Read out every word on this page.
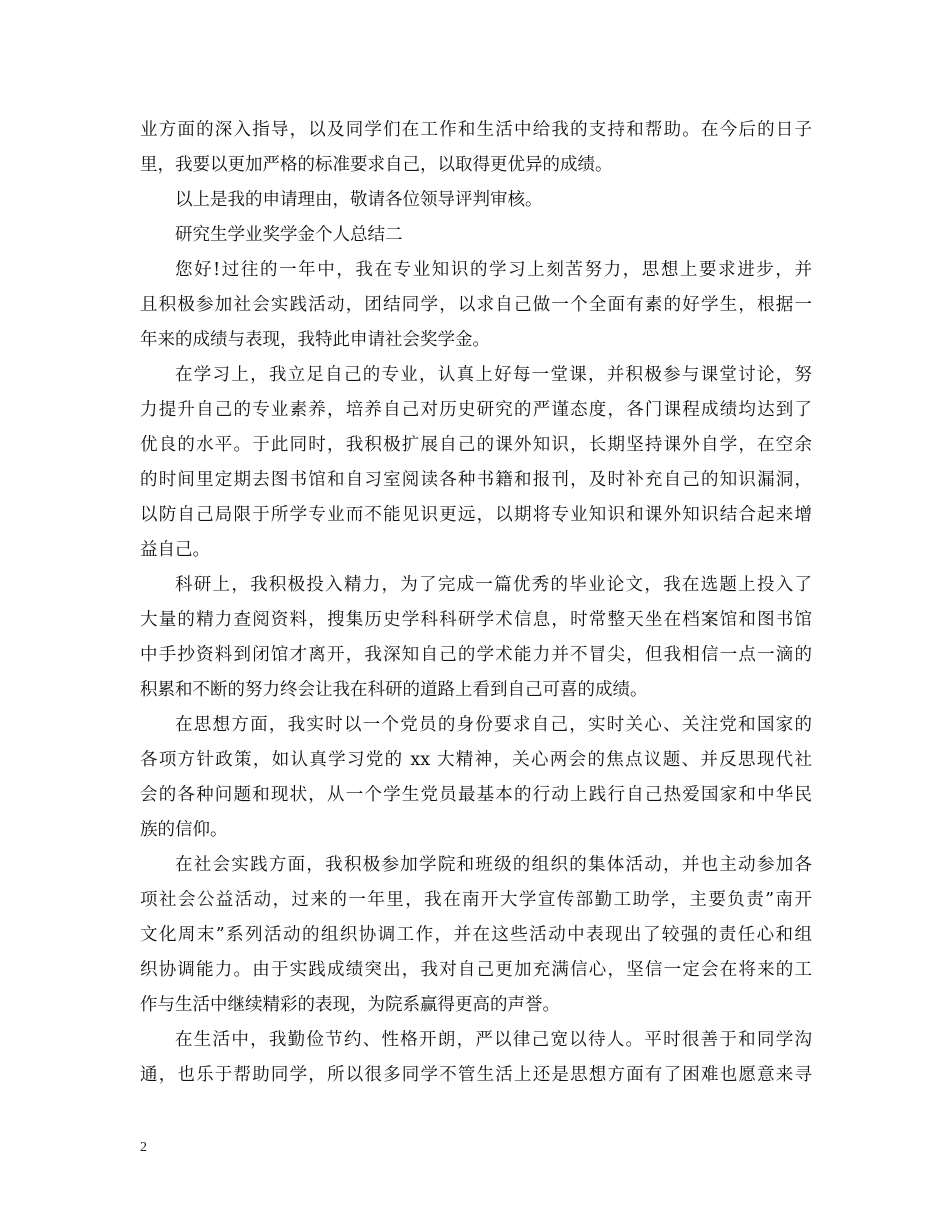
业方面的深入指导，以及同学们在工作和生活中给我的支持和帮助。在今后的日子
里，我要以更加严格的标准要求自己，以取得更优异的成绩。
以上是我的申请理由，敬请各位领导评判审核。
研究生学业奖学金个人总结二
您好!过往的一年中，我在专业知识的学习上刻苦努力，思想上要求进步，并
且积极参加社会实践活动，团结同学，以求自己做一个全面有素的好学生，根据一
年来的成绩与表现，我特此申请社会奖学金。
在学习上，我立足自己的专业，认真上好每一堂课，并积极参与课堂讨论，努
力提升自己的专业素养，培养自己对历史研究的严谨态度，各门课程成绩均达到了
优良的水平。于此同时，我积极扩展自己的课外知识，长期坚持课外自学，在空余
的时间里定期去图书馆和自习室阅读各种书籍和报刊，及时补充自己的知识漏洞，
以防自己局限于所学专业而不能见识更远，以期将专业知识和课外知识结合起来增
益自己。
科研上，我积极投入精力，为了完成一篇优秀的毕业论文，我在选题上投入了
大量的精力查阅资料，搜集历史学科科研学术信息，时常整天坐在档案馆和图书馆
中手抄资料到闭馆才离开，我深知自己的学术能力并不冒尖，但我相信一点一滴的
积累和不断的努力终会让我在科研的道路上看到自己可喜的成绩。
在思想方面，我实时以一个党员的身份要求自己，实时关心、关注党和国家的
各项方针政策，如认真学习党的 xx 大精神，关心两会的焦点议题、并反思现代社
会的各种问题和现状，从一个学生党员最基本的行动上践行自己热爱国家和中华民
族的信仰。
在社会实践方面，我积极参加学院和班级的组织的集体活动，并也主动参加各
项社会公益活动，过来的一年里，我在南开大学宣传部勤工助学，主要负责”南开
文化周末”系列活动的组织协调工作，并在这些活动中表现出了较强的责任心和组
织协调能力。由于实践成绩突出，我对自己更加充满信心，坚信一定会在将来的工
作与生活中继续精彩的表现，为院系赢得更高的声誉。
在生活中，我勤俭节约、性格开朗，严以律己宽以待人。平时很善于和同学沟
通，也乐于帮助同学，所以很多同学不管生活上还是思想方面有了困难也愿意来寻
2
